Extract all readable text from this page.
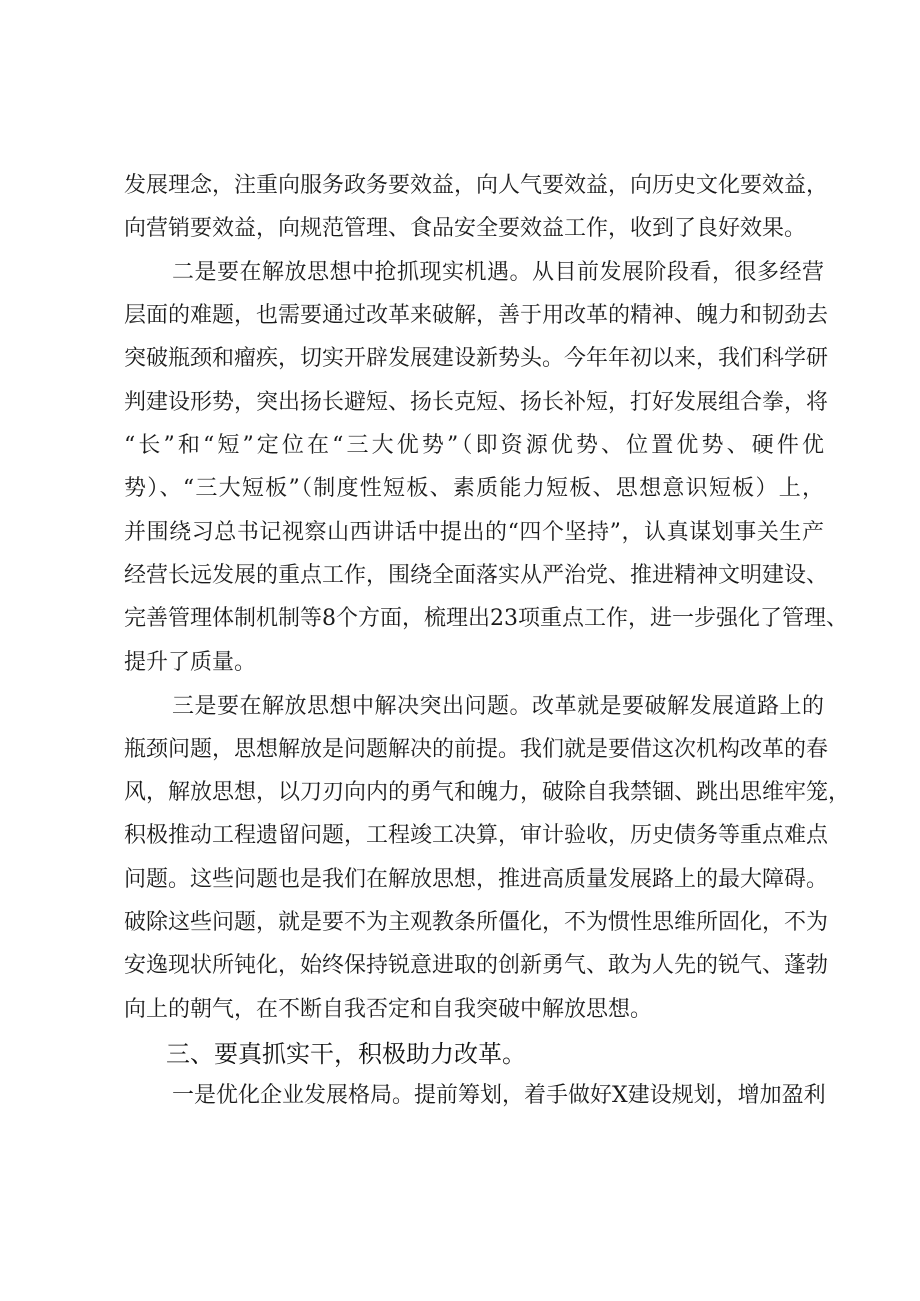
发展理念，注重向服务政务要效益，向人气要效益，向历史文化要效益，
向营销要效益，向规范管理、食品安全要效益工作，收到了良好效果。
二是要在解放思想中抢抓现实机遇。从目前发展阶段看，很多经营
层面的难题，也需要通过改革来破解，善于用改革的精神、魄力和韧劲去
突破瓶颈和瘤疾，切实开辟发展建设新势头。今年年初以来，我们科学研
判建设形势，突出扬长避短、扬长克短、扬长补短，打好发展组合拳，将
“长”和“短”定位在“三大优势”（即资源优势、位置优势、硬件优
势）、“三大短板”（制度性短板、素质能力短板、思想意识短板）上，
并围绕习总书记视察山西讲话中提出的“四个坚持”，认真谋划事关生产
经营长远发展的重点工作，围绕全面落实从严治党、推进精神文明建设、
完善管理体制机制等8个方面，梳理出23项重点工作，进一步强化了管理、
提升了质量。
三是要在解放思想中解决突出问题。改革就是要破解发展道路上的
瓶颈问题，思想解放是问题解决的前提。我们就是要借这次机构改革的春
风，解放思想，以刀刃向内的勇气和魄力，破除自我禁锢、跳出思维牢笼，
积极推动工程遗留问题，工程竣工决算，审计验收，历史债务等重点难点
问题。这些问题也是我们在解放思想，推进高质量发展路上的最大障碍。
破除这些问题，就是要不为主观教条所僵化，不为惯性思维所固化，不为
安逸现状所钝化，始终保持锐意进取的创新勇气、敢为人先的锐气、蓬勃
向上的朝气，在不断自我否定和自我突破中解放思想。
三、要真抓实干，积极助力改革。
一是优化企业发展格局。提前筹划，着手做好X建设规划，增加盈利
